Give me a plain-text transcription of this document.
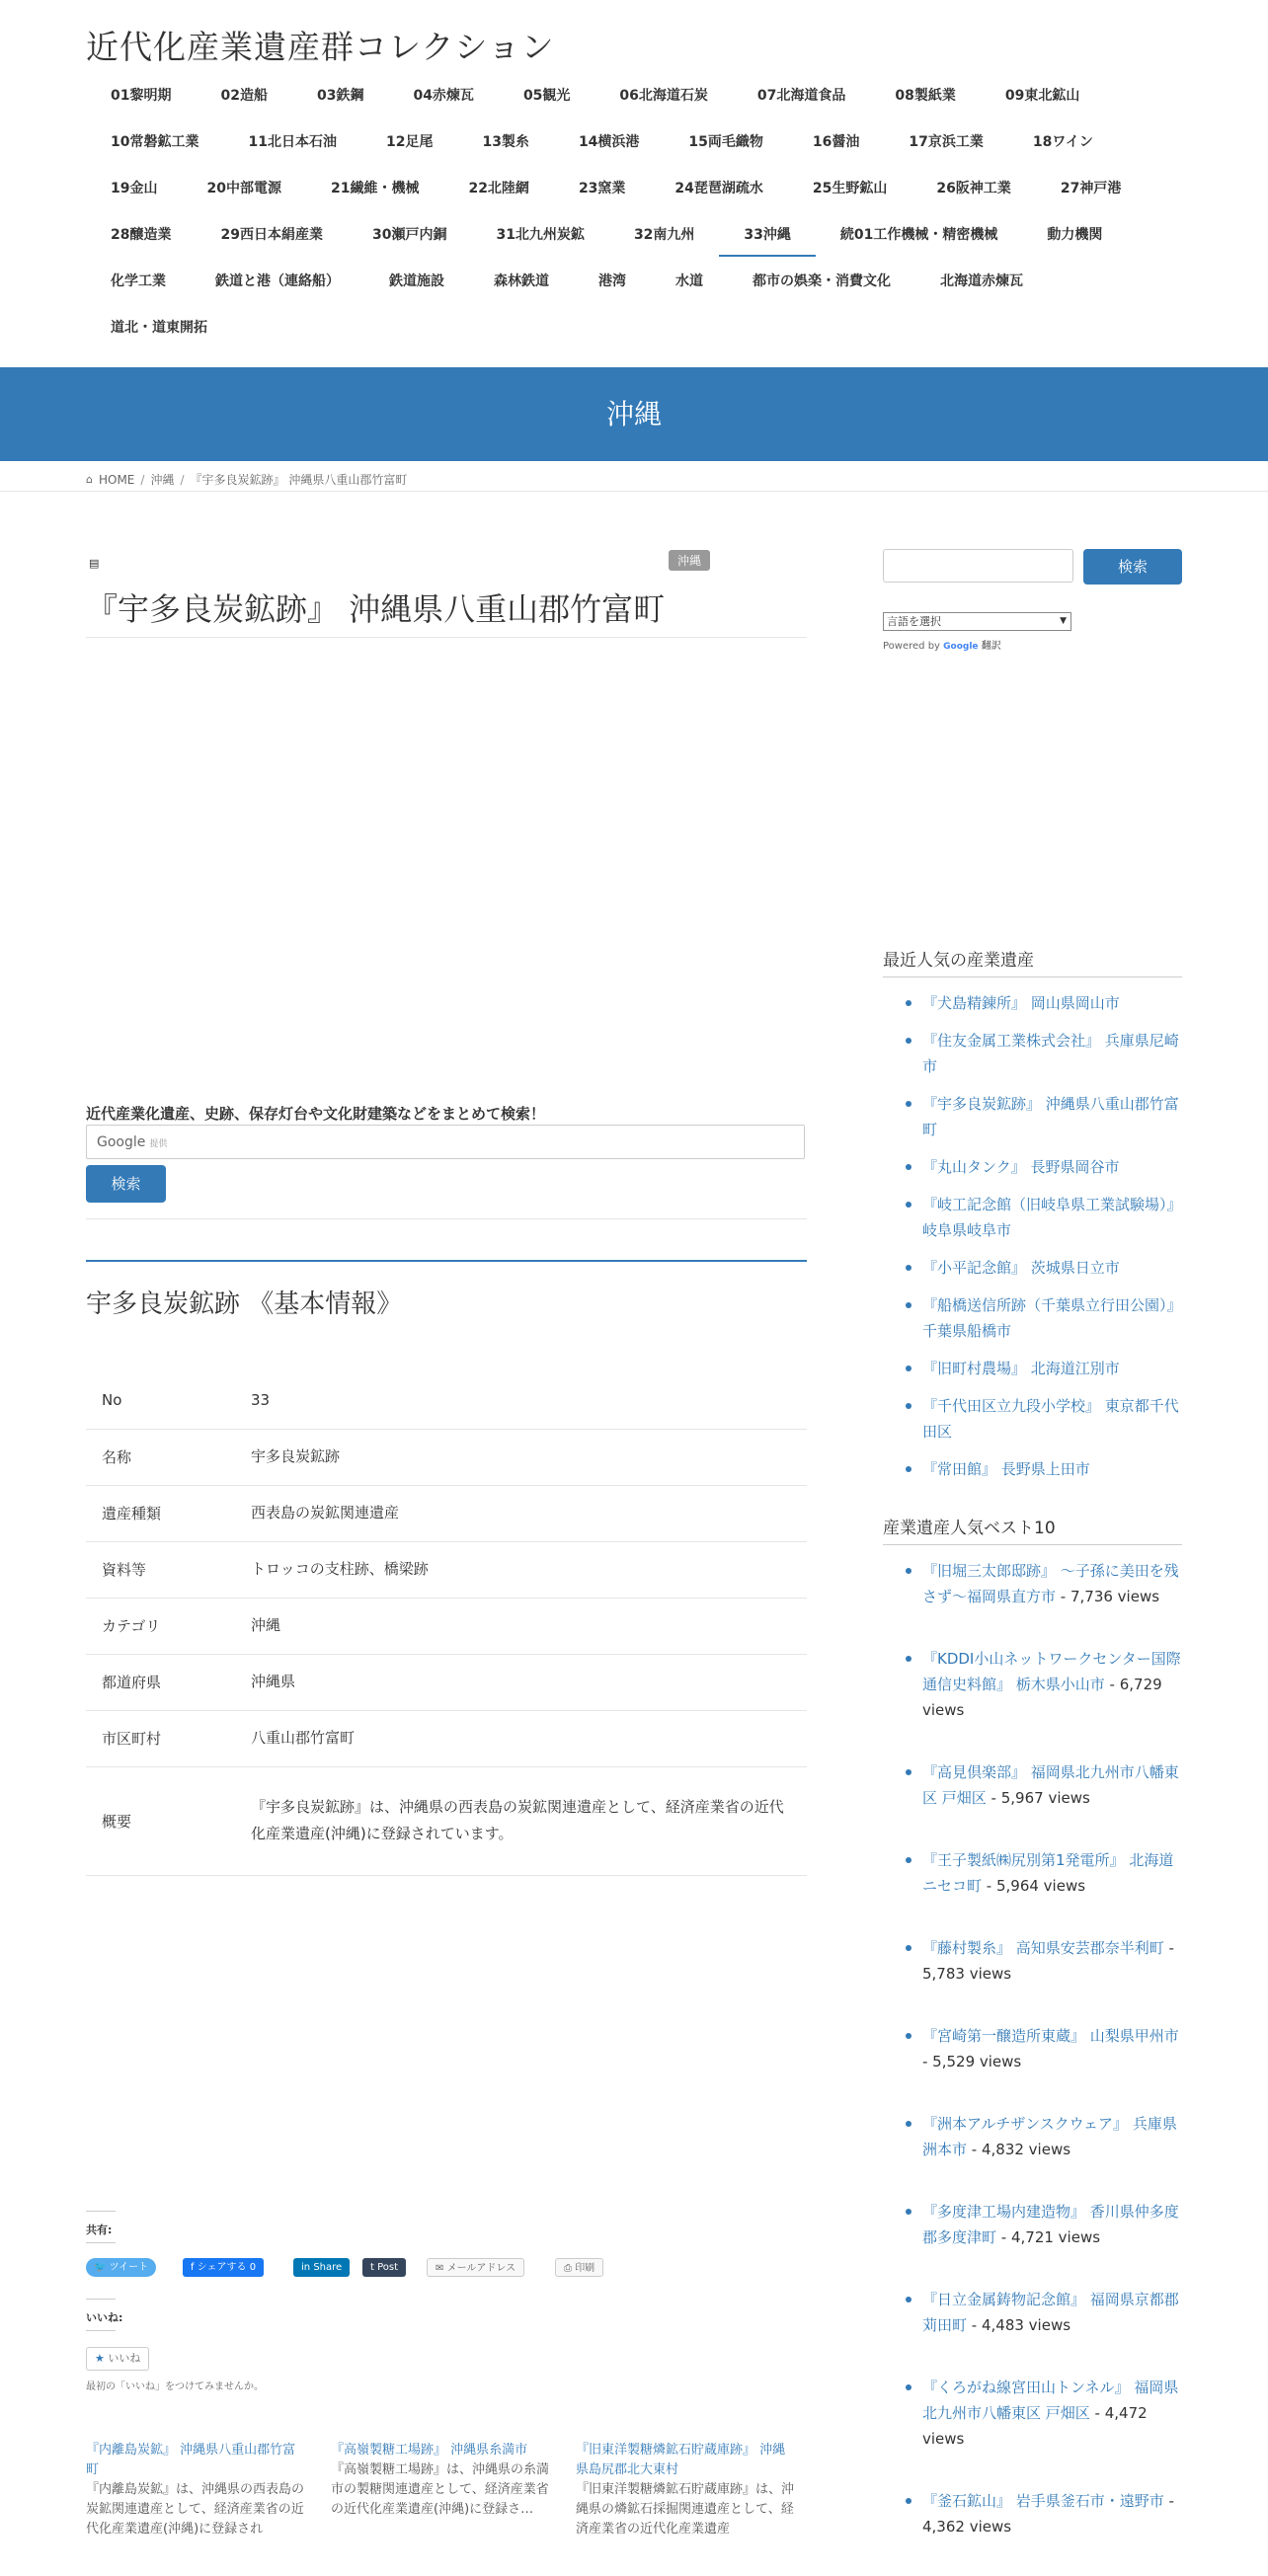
近代化産業遺産群コレクション
01黎明期	02造船	03鉄鋼	04赤煉瓦	05観光	06北海道石炭	07北海道食品	08製紙業	09東北鉱山
10常磐鉱工業	11北日本石油	12足尾	13製糸	14横浜港	15両毛織物	16醤油	17京浜工業	18ワイン
19金山	20中部電源	21繊維・機械	22北陸網	23窯業	24琵琶湖疏水	25生野鉱山	26阪神工業	27神戸港
28醸造業	29西日本絹産業	30瀬戸内銅	31北九州炭鉱	32南九州	33沖縄	続01工作機械・精密機械	動力機関
化学工業	鉄道と港（連絡船）	鉄道施設	森林鉄道	港湾	水道	都市の娯楽・消費文化	北海道赤煉瓦
道北・道東開拓
沖縄
⌂ HOME / 沖縄 / 『宇多良炭鉱跡』 沖縄県八重山郡竹富町
▤	沖縄
『宇多良炭鉱跡』 沖縄県八重山郡竹富町
近代産業化遺産、史跡、保存灯台や文化財建築などをまとめて検索！
Google 提供
検索
宇多良炭鉱跡 《基本情報》
No	33
名称	宇多良炭鉱跡
遺産種類	西表島の炭鉱関連遺産
資料等	トロッコの支柱跡、橋梁跡
カテゴリ	沖縄
都道府県	沖縄県
市区町村	八重山郡竹富町
概要	『宇多良炭鉱跡』は、沖縄県の西表島の炭鉱関連遺産として、経済産業省の近代化産業遺産(沖縄)に登録されています。
共有:
🐦 ツイート	f シェアする 0	in Share	t Post	✉ メールアドレス	⎙ 印刷
いいね:
★ いいね
最初の「いいね」をつけてみませんか。
『内離島炭鉱』 沖縄県八重山郡竹富町
『内離島炭鉱』は、沖縄県の西表島の炭鉱関連遺産として、経済産業省の近代化産業遺産(沖縄)に登録され
『高嶺製糖工場跡』 沖縄県糸満市
『高嶺製糖工場跡』は、沖縄県の糸満市の製糖関連遺産として、経済産業省の近代化産業遺産(沖縄)に登録さ…
『旧東洋製糖燐鉱石貯蔵庫跡』 沖縄県島尻郡北大東村
『旧東洋製糖燐鉱石貯蔵庫跡』は、沖縄県の燐鉱石採掘関連遺産として、経済産業省の近代化産業遺産
検索
言語を選択	▼
Powered by Google 翻訳
最近人気の産業遺産
『犬島精錬所』 岡山県岡山市
『住友金属工業株式会社』 兵庫県尼崎市
『宇多良炭鉱跡』 沖縄県八重山郡竹富町
『丸山タンク』 長野県岡谷市
『岐工記念館（旧岐阜県工業試験場）』 岐阜県岐阜市
『小平記念館』 茨城県日立市
『船橋送信所跡（千葉県立行田公園）』 千葉県船橋市
『旧町村農場』 北海道江別市
『千代田区立九段小学校』 東京都千代田区
『常田館』 長野県上田市
産業遺産人気ベスト10
『旧堀三太郎邸跡』 ～子孫に美田を残さず～福岡県直方市 - 7,736 views
『KDDI小山ネットワークセンター国際通信史料館』 栃木県小山市 - 6,729 views
『高見倶楽部』 福岡県北九州市八幡東区 戸畑区 - 5,967 views
『王子製紙㈱尻別第1発電所』 北海道ニセコ町 - 5,964 views
『藤村製糸』 高知県安芸郡奈半利町 - 5,783 views
『宮崎第一醸造所東蔵』 山梨県甲州市 - 5,529 views
『洲本アルチザンスクウェア』 兵庫県洲本市 - 4,832 views
『多度津工場内建造物』 香川県仲多度郡多度津町 - 4,721 views
『日立金属鋳物記念館』 福岡県京都郡苅田町 - 4,483 views
『くろがね線宮田山トンネル』 福岡県北九州市八幡東区 戸畑区 - 4,472 views
『釜石鉱山』 岩手県釜石市・遠野市 - 4,362 views
